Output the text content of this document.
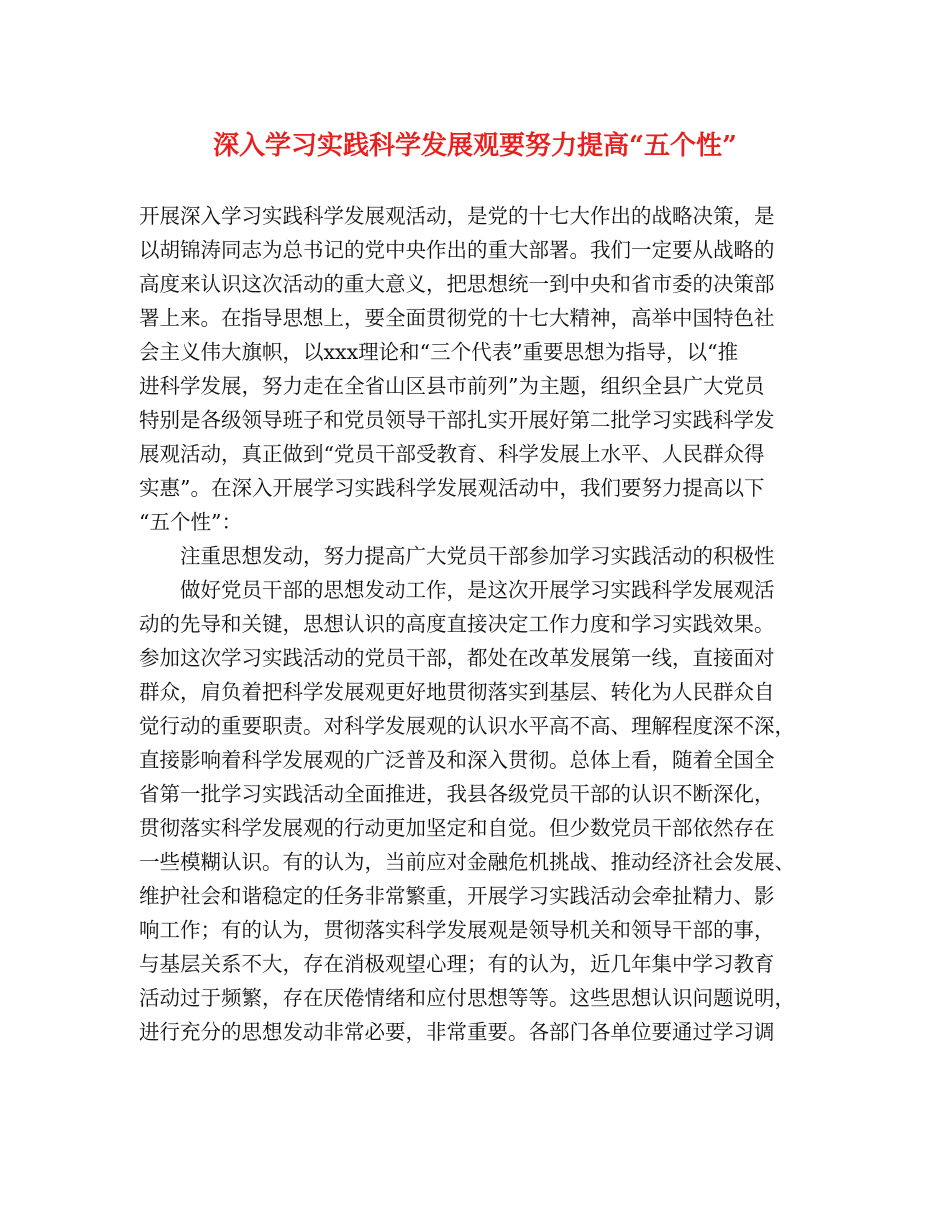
深入学习实践科学发展观要努力提高“五个性”
开展深入学习实践科学发展观活动，是党的十七大作出的战略决策，是
以胡锦涛同志为总书记的党中央作出的重大部署。我们一定要从战略的
高度来认识这次活动的重大意义，把思想统一到中央和省市委的决策部
署上来。在指导思想上，要全面贯彻党的十七大精神，高举中国特色社
会主义伟大旗帜，以xxx理论和“三个代表”重要思想为指导，以“推
进科学发展，努力走在全省山区县市前列”为主题，组织全县广大党员
特别是各级领导班子和党员领导干部扎实开展好第二批学习实践科学发
展观活动，真正做到“党员干部受教育、科学发展上水平、人民群众得
实惠”。在深入开展学习实践科学发展观活动中，我们要努力提高以下
“五个性”：
注重思想发动，努力提高广大党员干部参加学习实践活动的积极性
做好党员干部的思想发动工作，是这次开展学习实践科学发展观活
动的先导和关键，思想认识的高度直接决定工作力度和学习实践效果。
参加这次学习实践活动的党员干部，都处在改革发展第一线，直接面对
群众，肩负着把科学发展观更好地贯彻落实到基层、转化为人民群众自
觉行动的重要职责。对科学发展观的认识水平高不高、理解程度深不深，
直接影响着科学发展观的广泛普及和深入贯彻。总体上看，随着全国全
省第一批学习实践活动全面推进，我县各级党员干部的认识不断深化，
贯彻落实科学发展观的行动更加坚定和自觉。但少数党员干部依然存在
一些模糊认识。有的认为，当前应对金融危机挑战、推动经济社会发展、
维护社会和谐稳定的任务非常繁重，开展学习实践活动会牵扯精力、影
响工作；有的认为，贯彻落实科学发展观是领导机关和领导干部的事，
与基层关系不大，存在消极观望心理；有的认为，近几年集中学习教育
活动过于频繁，存在厌倦情绪和应付思想等等。这些思想认识问题说明，
进行充分的思想发动非常必要，非常重要。各部门各单位要通过学习调
